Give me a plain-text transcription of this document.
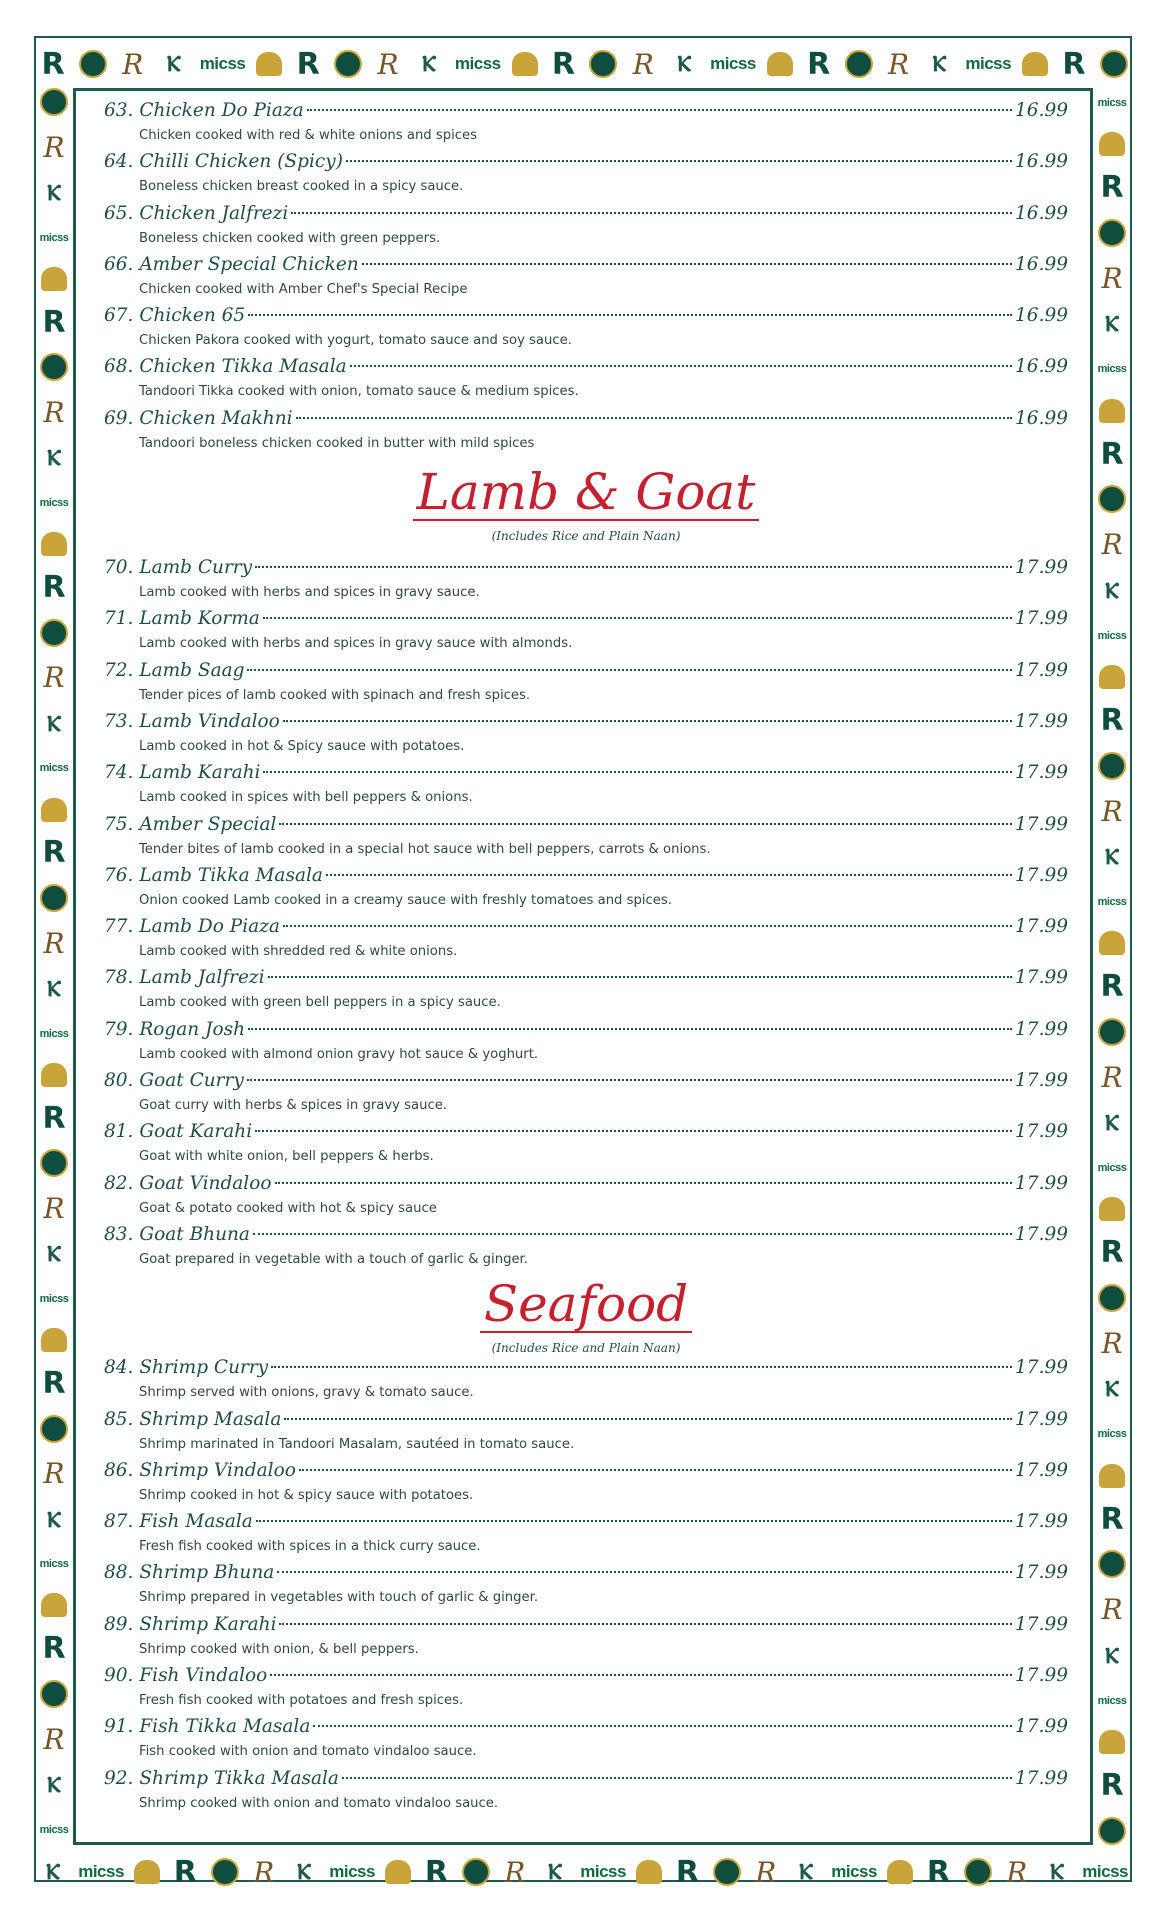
R R	Ⲕ	micss R R	Ⲕ	micss R R	Ⲕ	micss R R	Ⲕ	micss R
Ⲕ	micss R R	Ⲕ	micss R R	Ⲕ	micss R R	Ⲕ	micss R R	Ⲕ	micss
R
Ⲕ
micss
R
R
Ⲕ
micss
R
R
Ⲕ
micss
R
R
Ⲕ
micss
R
R
Ⲕ
micss
R
R
Ⲕ
micss
R
R
Ⲕ
micss
micss
R
R
Ⲕ
micss
R
R
Ⲕ
micss
R
R
Ⲕ
micss
R
R
Ⲕ
micss
R
R
Ⲕ
micss
R
R
Ⲕ
micss
R
63. Chicken Do Piaza	16.99
Chicken cooked with red & white onions and spices
64. Chilli Chicken (Spicy)	16.99
Boneless chicken breast cooked in a spicy sauce.
65. Chicken Jalfrezi	16.99
Boneless chicken cooked with green peppers.
66. Amber Special Chicken	16.99
Chicken cooked with Amber Chef's Special Recipe
67. Chicken 65	16.99
Chicken Pakora cooked with yogurt, tomato sauce and soy sauce.
68. Chicken Tikka Masala	16.99
Tandoori Tikka cooked with onion, tomato sauce & medium spices.
69. Chicken Makhni	16.99
Tandoori boneless chicken cooked in butter with mild spices
Lamb & Goat
(Includes Rice and Plain Naan)
70. Lamb Curry	17.99
Lamb cooked with herbs and spices in gravy sauce.
71. Lamb Korma	17.99
Lamb cooked with herbs and spices in gravy sauce with almonds.
72. Lamb Saag	17.99
Tender pices of lamb cooked with spinach and fresh spices.
73. Lamb Vindaloo	17.99
Lamb cooked in hot & Spicy sauce with potatoes.
74. Lamb Karahi	17.99
Lamb cooked in spices with bell peppers & onions.
75. Amber Special	17.99
Tender bites of lamb cooked in a special hot sauce with bell peppers, carrots & onions.
76. Lamb Tikka Masala	17.99
Onion cooked Lamb cooked in a creamy sauce with freshly tomatoes and spices.
77. Lamb Do Piaza	17.99
Lamb cooked with shredded red & white onions.
78. Lamb Jalfrezi	17.99
Lamb cooked with green bell peppers in a spicy sauce.
79. Rogan Josh	17.99
Lamb cooked with almond onion gravy hot sauce & yoghurt.
80. Goat Curry	17.99
Goat curry with herbs & spices in gravy sauce.
81. Goat Karahi	17.99
Goat with white onion, bell peppers & herbs.
82. Goat Vindaloo	17.99
Goat & potato cooked with hot & spicy sauce
83. Goat Bhuna	17.99
Goat prepared in vegetable with a touch of garlic & ginger.
Seafood
(Includes Rice and Plain Naan)
84. Shrimp Curry	17.99
Shrimp served with onions, gravy & tomato sauce.
85. Shrimp Masala	17.99
Shrimp marinated in Tandoori Masalam, sautéed in tomato sauce.
86. Shrimp Vindaloo	17.99
Shrimp cooked in hot & spicy sauce with potatoes.
87. Fish Masala	17.99
Fresh fish cooked with spices in a thick curry sauce.
88. Shrimp Bhuna	17.99
Shrimp prepared in vegetables with touch of garlic & ginger.
89. Shrimp Karahi	17.99
Shrimp cooked with onion, & bell peppers.
90. Fish Vindaloo	17.99
Fresh fish cooked with potatoes and fresh spices.
91. Fish Tikka Masala	17.99
Fish cooked with onion and tomato vindaloo sauce.
92. Shrimp Tikka Masala	17.99
Shrimp cooked with onion and tomato vindaloo sauce.
